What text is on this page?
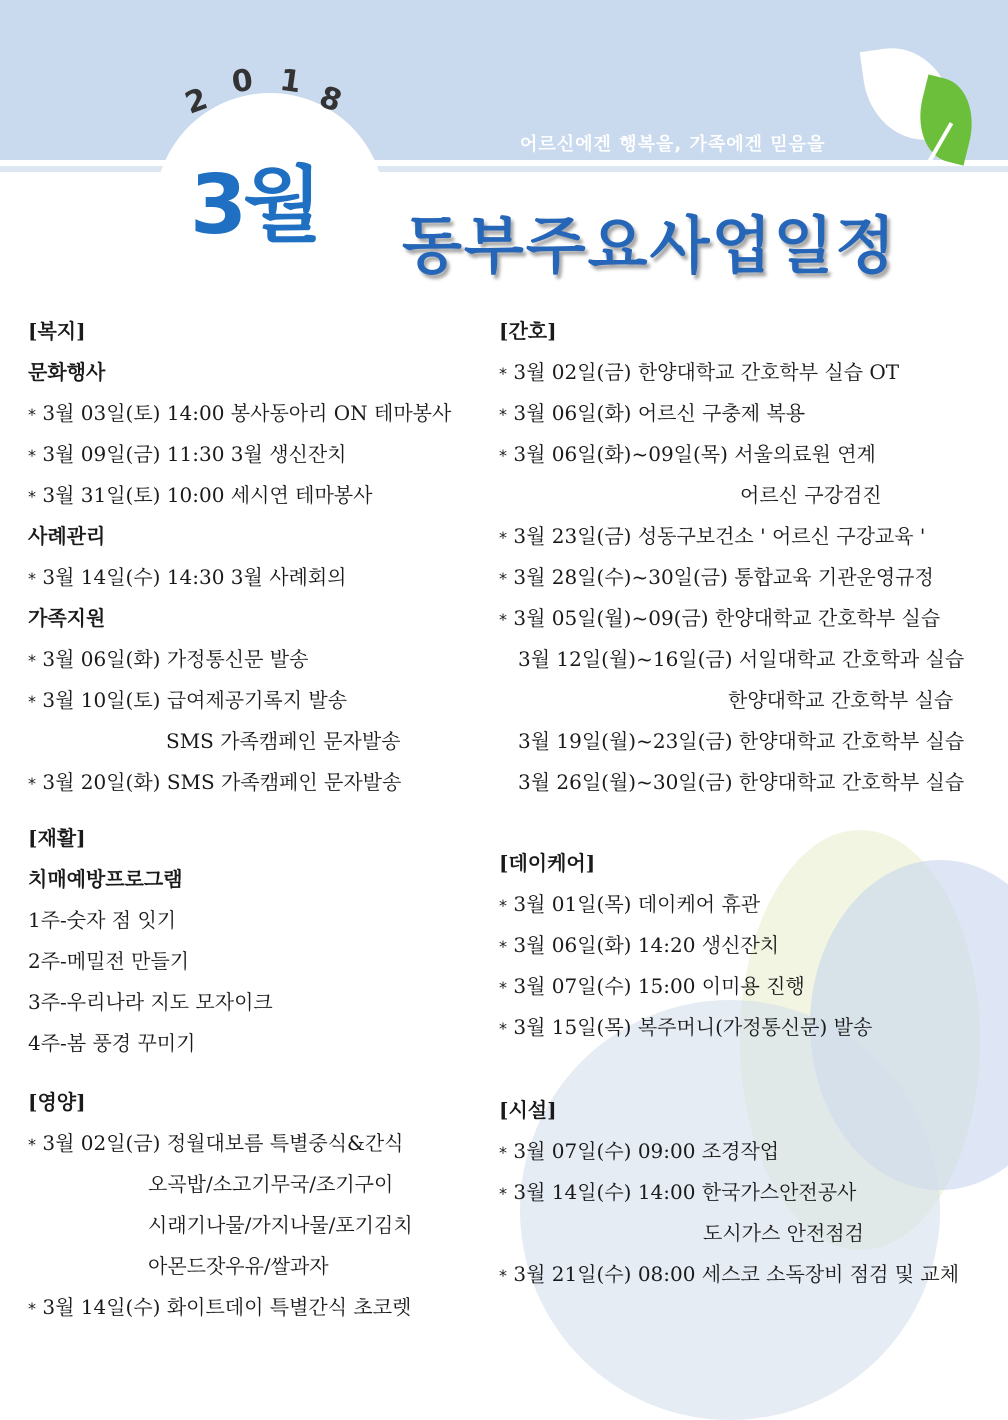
2 0 1 8
3월
어르신에겐 행복을, 가족에겐 믿음을
동부주요사업일정
[복지]
문화행사
* 3월 03일(토) 14:00 봉사동아리 ON 테마봉사
* 3월 09일(금) 11:30 3월 생신잔치
* 3월 31일(토) 10:00 세시연 테마봉사
사례관리
* 3월 14일(수) 14:30 3월 사례회의
가족지원
* 3월 06일(화) 가정통신문 발송
* 3월 10일(토) 급여제공기록지 발송
SMS 가족캠페인 문자발송
* 3월 20일(화) SMS 가족캠페인 문자발송
[재활]
치매예방프로그램
1주-숫자 점 잇기
2주-메밀전 만들기
3주-우리나라 지도 모자이크
4주-봄 풍경 꾸미기
[영양]
* 3월 02일(금) 정월대보름 특별중식&간식
오곡밥/소고기무국/조기구이
시래기나물/가지나물/포기김치
아몬드잣우유/쌀과자
* 3월 14일(수) 화이트데이 특별간식 초코렛
[간호]
* 3월 02일(금) 한양대학교 간호학부 실습 OT
* 3월 06일(화) 어르신 구충제 복용
* 3월 06일(화)~09일(목) 서울의료원 연계
어르신 구강검진
* 3월 23일(금) 성동구보건소 ' 어르신 구강교육 '
* 3월 28일(수)~30일(금) 통합교육 기관운영규정
* 3월 05일(월)~09(금) 한양대학교 간호학부 실습
3월 12일(월)~16일(금) 서일대학교 간호학과 실습
한양대학교 간호학부 실습
3월 19일(월)~23일(금) 한양대학교 간호학부 실습
3월 26일(월)~30일(금) 한양대학교 간호학부 실습
[데이케어]
* 3월 01일(목) 데이케어 휴관
* 3월 06일(화) 14:20 생신잔치
* 3월 07일(수) 15:00 이미용 진행
* 3월 15일(목) 복주머니(가정통신문) 발송
[시설]
* 3월 07일(수) 09:00 조경작업
* 3월 14일(수) 14:00 한국가스안전공사
도시가스 안전점검
* 3월 21일(수) 08:00 세스코 소독장비 점검 및 교체
